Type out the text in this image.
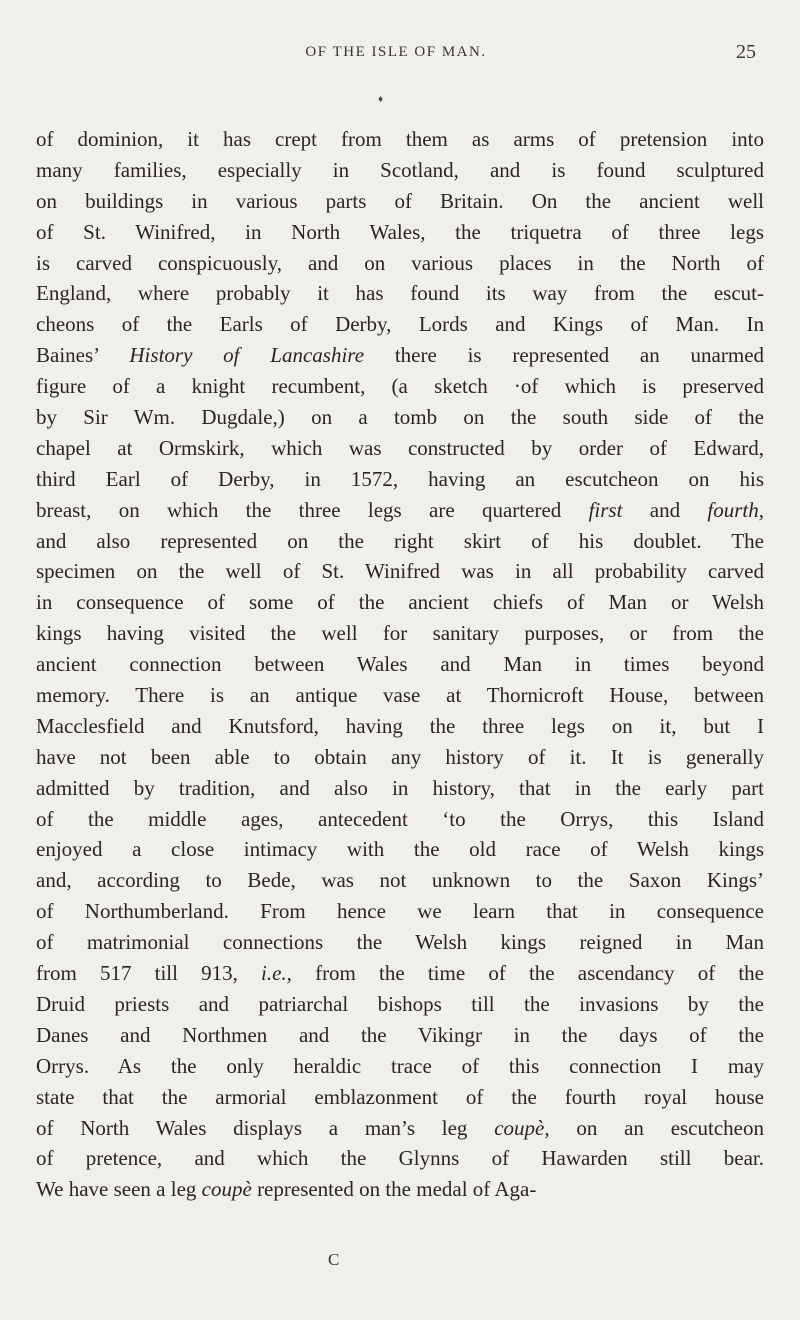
OF THE ISLE OF MAN.	25
♦
of dominion, it has crept from them as arms of pretension into
many families, especially in Scotland, and is found sculptured
on buildings in various parts of Britain. On the ancient well
of St. Winifred, in North Wales, the triquetra of three legs
is carved conspicuously, and on various places in the North of
England, where probably it has found its way from the escut-
cheons of the Earls of Derby, Lords and Kings of Man. In
Baines’ History of Lancashire there is represented an unarmed
figure of a knight recumbent, (a sketch ·of which is preserved
by Sir Wm. Dugdale,) on a tomb on the south side of the
chapel at Ormskirk, which was constructed by order of Edward,
third Earl of Derby, in 1572, having an escutcheon on his
breast, on which the three legs are quartered first and fourth,
and also represented on the right skirt of his doublet. The
specimen on the well of St. Winifred was in all probability carved
in consequence of some of the ancient chiefs of Man or Welsh
kings having visited the well for sanitary purposes, or from the
ancient connection between Wales and Man in times beyond
memory. There is an antique vase at Thornicroft House, between
Macclesfield and Knutsford, having the three legs on it, but I
have not been able to obtain any history of it. It is generally
admitted by tradition, and also in history, that in the early part
of the middle ages, antecedent ‘to the Orrys, this Island
enjoyed a close intimacy with the old race of Welsh kings
and, according to Bede, was not unknown to the Saxon Kings’
of Northumberland. From hence we learn that in consequence
of matrimonial connections the Welsh kings reigned in Man
from 517 till 913, i.e., from the time of the ascendancy of the
Druid priests and patriarchal bishops till the invasions by the
Danes and Northmen and the Vikingr in the days of the
Orrys. As the only heraldic trace of this connection I may
state that the armorial emblazonment of the fourth royal house
of North Wales displays a man’s leg coupè, on an escutcheon
of pretence, and which the Glynns of Hawarden still bear.
We have seen a leg coupè represented on the medal of Aga-
C
